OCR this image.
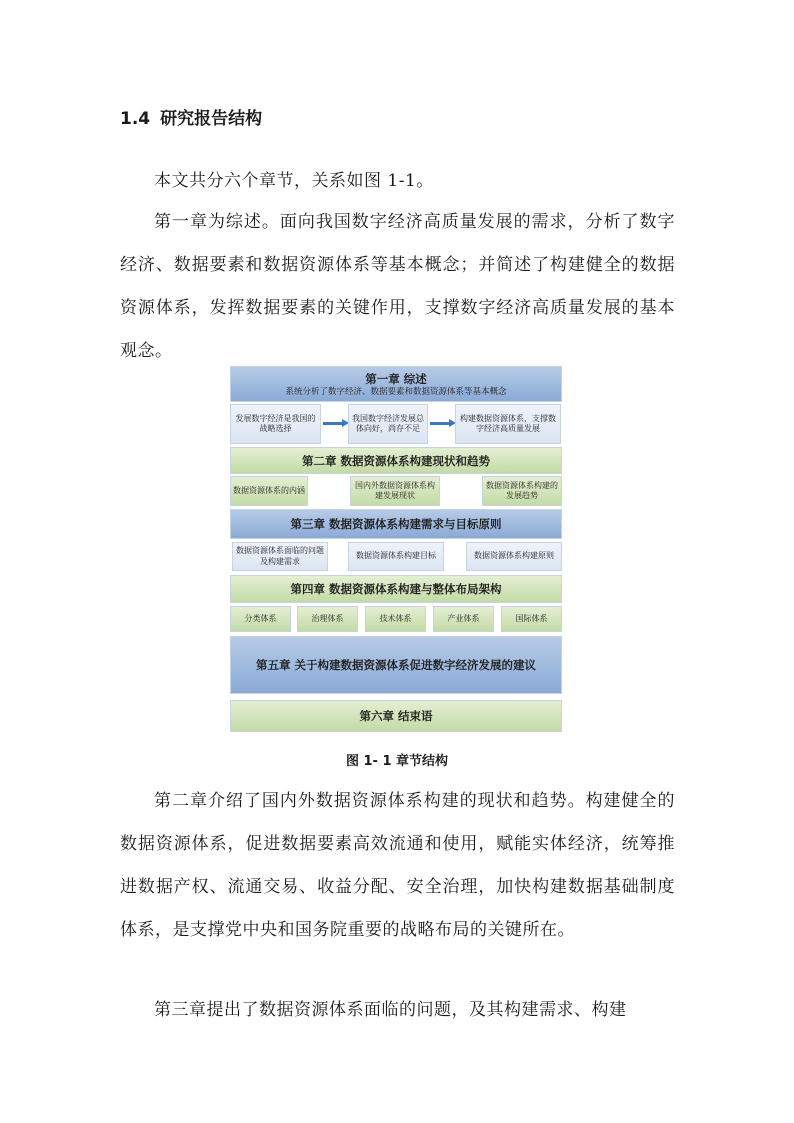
1.4 研究报告结构

本文共分六个章节，关系如图 1-1。

第一章为综述。面向我国数字经济高质量发展的需求，分析了数字经济、数据要素和数据资源体系等基本概念；并简述了构建健全的数据资源体系，发挥数据要素的关键作用，支撑数字经济高质量发展的基本观念。

第一章 综述
系统分析了数字经济、数据要素和数据资源体系等基本概念
发展数字经济是我国的战略选择
我国数字经济发展总体向好，尚存不足
构建数据资源体系，支撑数字经济高质量发展
第二章 数据资源体系构建现状和趋势
数据资源体系的内涵
国内外数据资源体系构建发展现状
数据资源体系构建的发展趋势
第三章 数据资源体系构建需求与目标原则
数据资源体系面临的问题及构建需求
数据资源体系构建目标	数据资源体系构建原则
第四章 数据资源体系构建与整体布局架构
分类体系	治理体系	技术体系	产业体系	国际体系
第五章 关于构建数据资源体系促进数字经济发展的建议
第六章 结束语
图 1- 1 章节结构

第二章介绍了国内外数据资源体系构建的现状和趋势。构建健全的数据资源体系，促进数据要素高效流通和使用，赋能实体经济，统筹推进数据产权、流通交易、收益分配、安全治理，加快构建数据基础制度体系，是支撑党中央和国务院重要的战略布局的关键所在。

第三章提出了数据资源体系面临的问题，及其构建需求、构建
